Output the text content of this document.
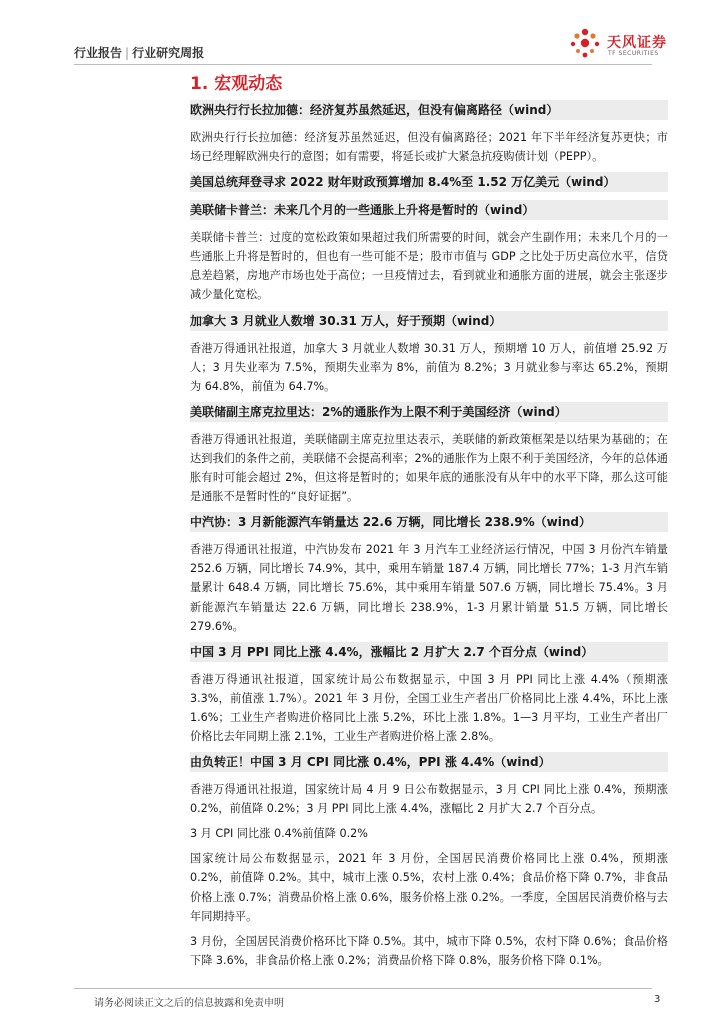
行业报告 | 行业研究周报
天风证券
TF SECURITIES
1. 宏观动态
欧洲央行行长拉加德：经济复苏虽然延迟，但没有偏离路径（wind）

欧洲央行行长拉加德：经济复苏虽然延迟，但没有偏离路径；2021 年下半年经济复苏更快；市场已经理解欧洲央行的意图；如有需要，将延长或扩大紧急抗疫购债计划（PEPP）。

美国总统拜登寻求 2022 财年财政预算增加 8.4%至 1.52 万亿美元（wind）
美联储卡普兰：未来几个月的一些通胀上升将是暂时的（wind）

美联储卡普兰：过度的宽松政策如果超过我们所需要的时间，就会产生副作用；未来几个月的一些通胀上升将是暂时的，但也有一些可能不是；股市市值与 GDP 之比处于历史高位水平，信贷息差趋紧，房地产市场也处于高位；一旦疫情过去，看到就业和通胀方面的进展，就会主张逐步减少量化宽松。

加拿大 3 月就业人数增 30.31 万人，好于预期（wind）

香港万得通讯社报道，加拿大 3 月就业人数增 30.31 万人，预期增 10 万人，前值增 25.92 万人；3 月失业率为 7.5%，预期失业率为 8%，前值为 8.2%；3 月就业参与率达 65.2%，预期为 64.8%，前值为 64.7%。

美联储副主席克拉里达：2%的通胀作为上限不利于美国经济（wind）

香港万得通讯社报道，美联储副主席克拉里达表示，美联储的新政策框架是以结果为基础的；在达到我们的条件之前，美联储不会提高利率；2%的通胀作为上限不利于美国经济，今年的总体通胀有时可能会超过 2%，但这将是暂时的；如果年底的通胀没有从年中的水平下降，那么这可能是通胀不是暂时性的“良好证据”。

中汽协：3 月新能源汽车销量达 22.6 万辆，同比增长 238.9%（wind）

香港万得通讯社报道，中汽协发布 2021 年 3 月汽车工业经济运行情况，中国 3 月份汽车销量 252.6 万辆，同比增长 74.9%，其中，乘用车销量 187.4 万辆，同比增长 77%；1-3 月汽车销量累计 648.4 万辆，同比增长 75.6%，其中乘用车销量 507.6 万辆，同比增长 75.4%。3 月新能源汽车销量达 22.6 万辆，同比增长 238.9%，1-3 月累计销量 51.5 万辆，同比增长 279.6%。

中国 3 月 PPI 同比上涨 4.4%，涨幅比 2 月扩大 2.7 个百分点（wind）

香港万得通讯社报道，国家统计局公布数据显示，中国 3 月 PPI 同比上涨 4.4%（预期涨 3.3%，前值涨 1.7%）。2021 年 3 月份，全国工业生产者出厂价格同比上涨 4.4%，环比上涨 1.6%；工业生产者购进价格同比上涨 5.2%，环比上涨 1.8%。1—3 月平均，工业生产者出厂价格比去年同期上涨 2.1%，工业生产者购进价格上涨 2.8%。

由负转正！中国 3 月 CPI 同比涨 0.4%，PPI 涨 4.4%（wind）

香港万得通讯社报道，国家统计局 4 月 9 日公布数据显示，3 月 CPI 同比上涨 0.4%，预期涨 0.2%，前值降 0.2%；3 月 PPI 同比上涨 4.4%，涨幅比 2 月扩大 2.7 个百分点。

3 月 CPI 同比涨 0.4%前值降 0.2%

国家统计局公布数据显示，2021 年 3 月份，全国居民消费价格同比上涨 0.4%，预期涨 0.2%，前值降 0.2%。其中，城市上涨 0.5%，农村上涨 0.4%；食品价格下降 0.7%，非食品价格上涨 0.7%；消费品价格上涨 0.6%，服务价格上涨 0.2%。一季度，全国居民消费价格与去年同期持平。

3 月份，全国居民消费价格环比下降 0.5%。其中，城市下降 0.5%，农村下降 0.6%；食品价格下降 3.6%，非食品价格上涨 0.2%；消费品价格下降 0.8%，服务价格下降 0.1%。

请务必阅读正文之后的信息披露和免责申明	3
